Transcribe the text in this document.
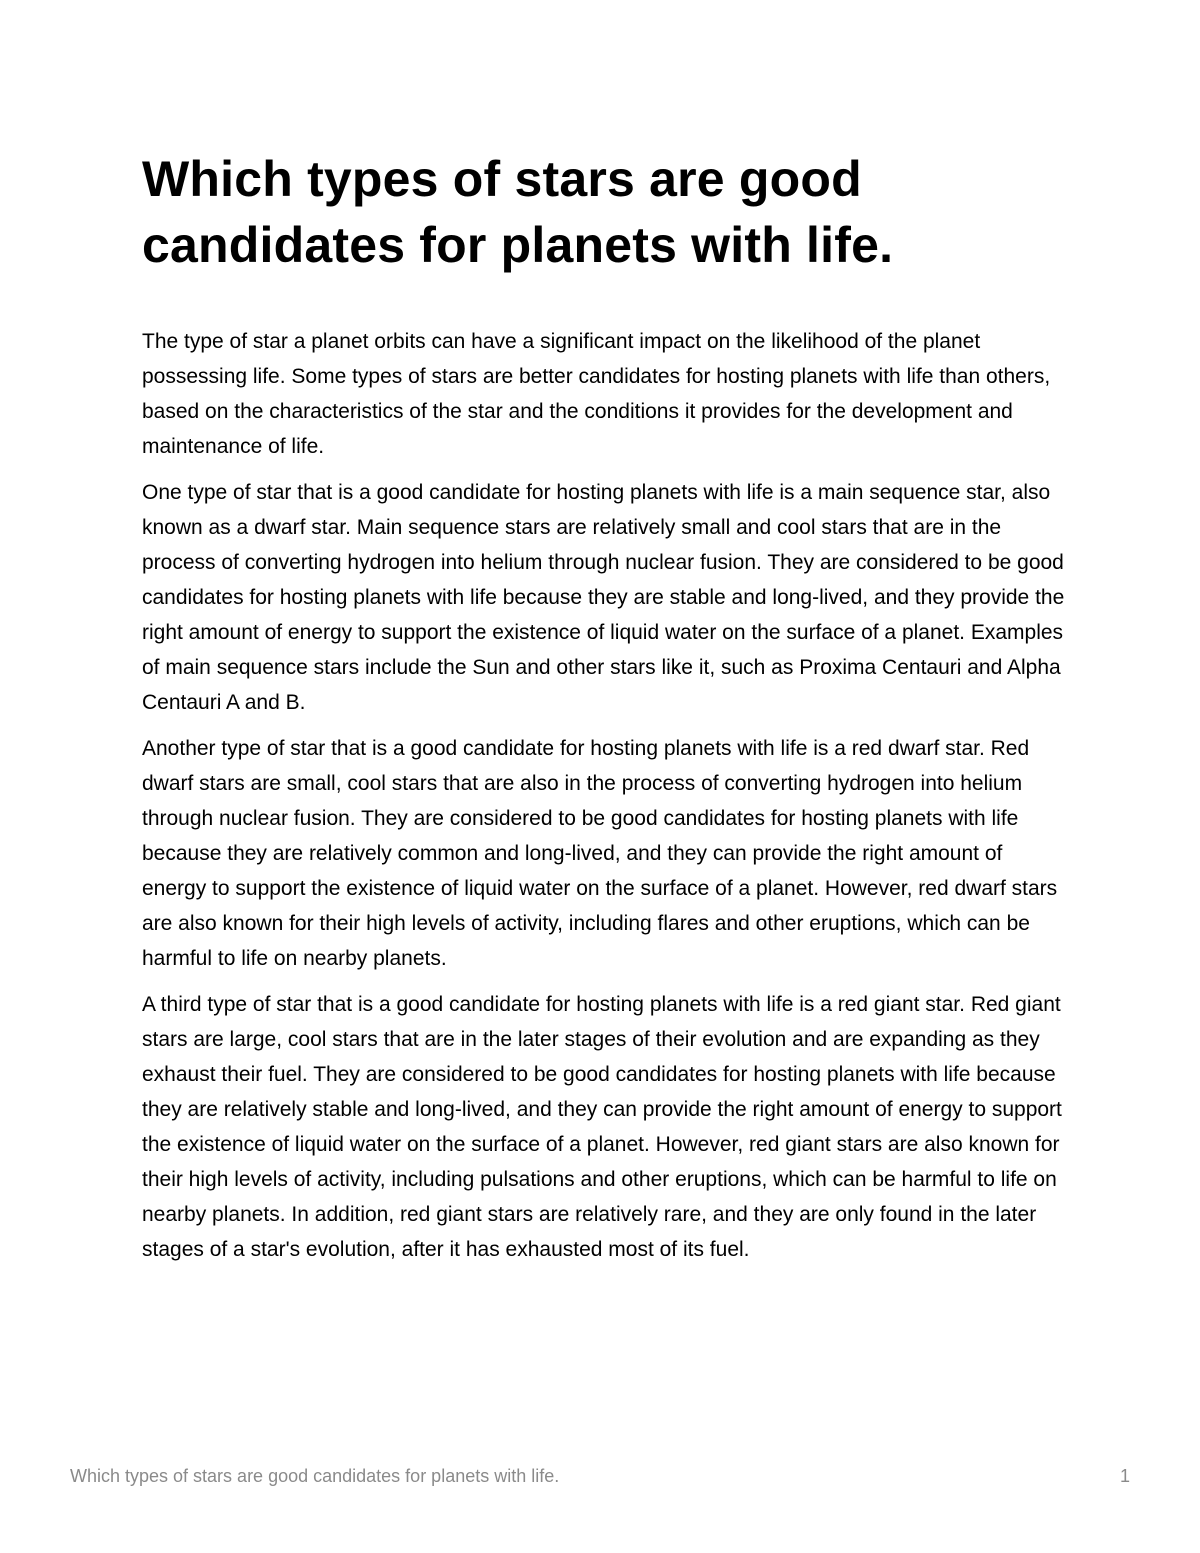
Which types of stars are good candidates for planets with life.

The type of star a planet orbits can have a significant impact on the likelihood of the planet possessing life. Some types of stars are better candidates for hosting planets with life than others, based on the characteristics of the star and the conditions it provides for the development and maintenance of life.

One type of star that is a good candidate for hosting planets with life is a main sequence star, also known as a dwarf star. Main sequence stars are relatively small and cool stars that are in the process of converting hydrogen into helium through nuclear fusion. They are considered to be good candidates for hosting planets with life because they are stable and long-lived, and they provide the right amount of energy to support the existence of liquid water on the surface of a planet. Examples of main sequence stars include the Sun and other stars like it, such as Proxima Centauri and Alpha Centauri A and B.

Another type of star that is a good candidate for hosting planets with life is a red dwarf star. Red dwarf stars are small, cool stars that are also in the process of converting hydrogen into helium through nuclear fusion. They are considered to be good candidates for hosting planets with life because they are relatively common and long-lived, and they can provide the right amount of energy to support the existence of liquid water on the surface of a planet. However, red dwarf stars are also known for their high levels of activity, including flares and other eruptions, which can be harmful to life on nearby planets.

A third type of star that is a good candidate for hosting planets with life is a red giant star. Red giant stars are large, cool stars that are in the later stages of their evolution and are expanding as they exhaust their fuel. They are considered to be good candidates for hosting planets with life because they are relatively stable and long-lived, and they can provide the right amount of energy to support the existence of liquid water on the surface of a planet. However, red giant stars are also known for their high levels of activity, including pulsations and other eruptions, which can be harmful to life on nearby planets. In addition, red giant stars are relatively rare, and they are only found in the later stages of a star's evolution, after it has exhausted most of its fuel.

Which types of stars are good candidates for planets with life.	1
